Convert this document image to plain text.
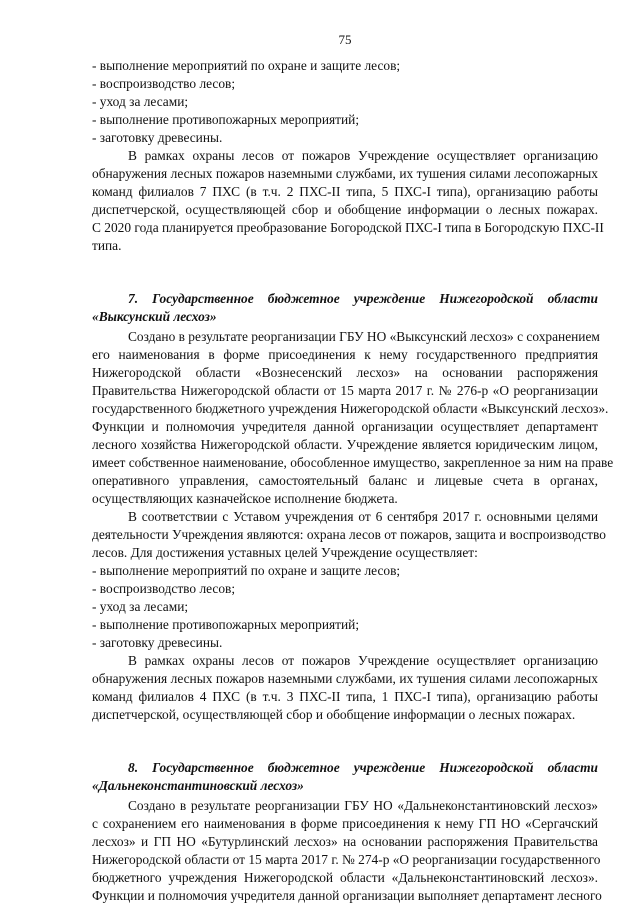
75
- выполнение мероприятий по охране и защите лесов;
- воспроизводство лесов;
- уход за лесами;
- выполнение противопожарных мероприятий;
- заготовку древесины.
В рамках охраны лесов от пожаров Учреждение осуществляет организацию
обнаружения лесных пожаров наземными службами, их тушения силами лесопожарных
команд филиалов 7 ПХС (в т.ч. 2 ПХС-II типа, 5 ПХС-I типа), организацию работы
диспетчерской, осуществляющей сбор и обобщение информации о лесных пожарах.
С 2020 года планируется преобразование Богородской ПХС-I типа в Богородскую ПХС-II
типа.
7. Государственное бюджетное учреждение Нижегородской области
«Выксунский лесхоз»
Создано в результате реорганизации ГБУ НО «Выксунский лесхоз» с сохранением
его наименования в форме присоединения к нему государственного предприятия
Нижегородской области «Вознесенский лесхоз» на основании распоряжения
Правительства Нижегородской области от 15 марта 2017 г. № 276-р «О реорганизации
государственного бюджетного учреждения Нижегородской области «Выксунский лесхоз».
Функции и полномочия учредителя данной организации осуществляет департамент
лесного хозяйства Нижегородской области. Учреждение является юридическим лицом,
имеет собственное наименование, обособленное имущество, закрепленное за ним на праве
оперативного управления, самостоятельный баланс и лицевые счета в органах,
осуществляющих казначейское исполнение бюджета.
В соответствии с Уставом учреждения от 6 сентября 2017 г. основными целями
деятельности Учреждения являются: охрана лесов от пожаров, защита и воспроизводство
лесов. Для достижения уставных целей Учреждение осуществляет:
- выполнение мероприятий по охране и защите лесов;
- воспроизводство лесов;
- уход за лесами;
- выполнение противопожарных мероприятий;
- заготовку древесины.
В рамках охраны лесов от пожаров Учреждение осуществляет организацию
обнаружения лесных пожаров наземными службами, их тушения силами лесопожарных
команд филиалов 4 ПХС (в т.ч. 3 ПХС-II типа, 1 ПХС-I типа), организацию работы
диспетчерской, осуществляющей сбор и обобщение информации о лесных пожарах.
8. Государственное бюджетное учреждение Нижегородской области
«Дальнеконстантиновский лесхоз»
Создано в результате реорганизации ГБУ НО «Дальнеконстантиновский лесхоз»
с сохранением его наименования в форме присоединения к нему ГП НО «Сергачский
лесхоз» и ГП НО «Бутурлинский лесхоз» на основании распоряжения Правительства
Нижегородской области от 15 марта 2017 г. № 274-р «О реорганизации государственного
бюджетного учреждения Нижегородской области «Дальнеконстантиновский лесхоз».
Функции и полномочия учредителя данной организации выполняет департамент лесного
